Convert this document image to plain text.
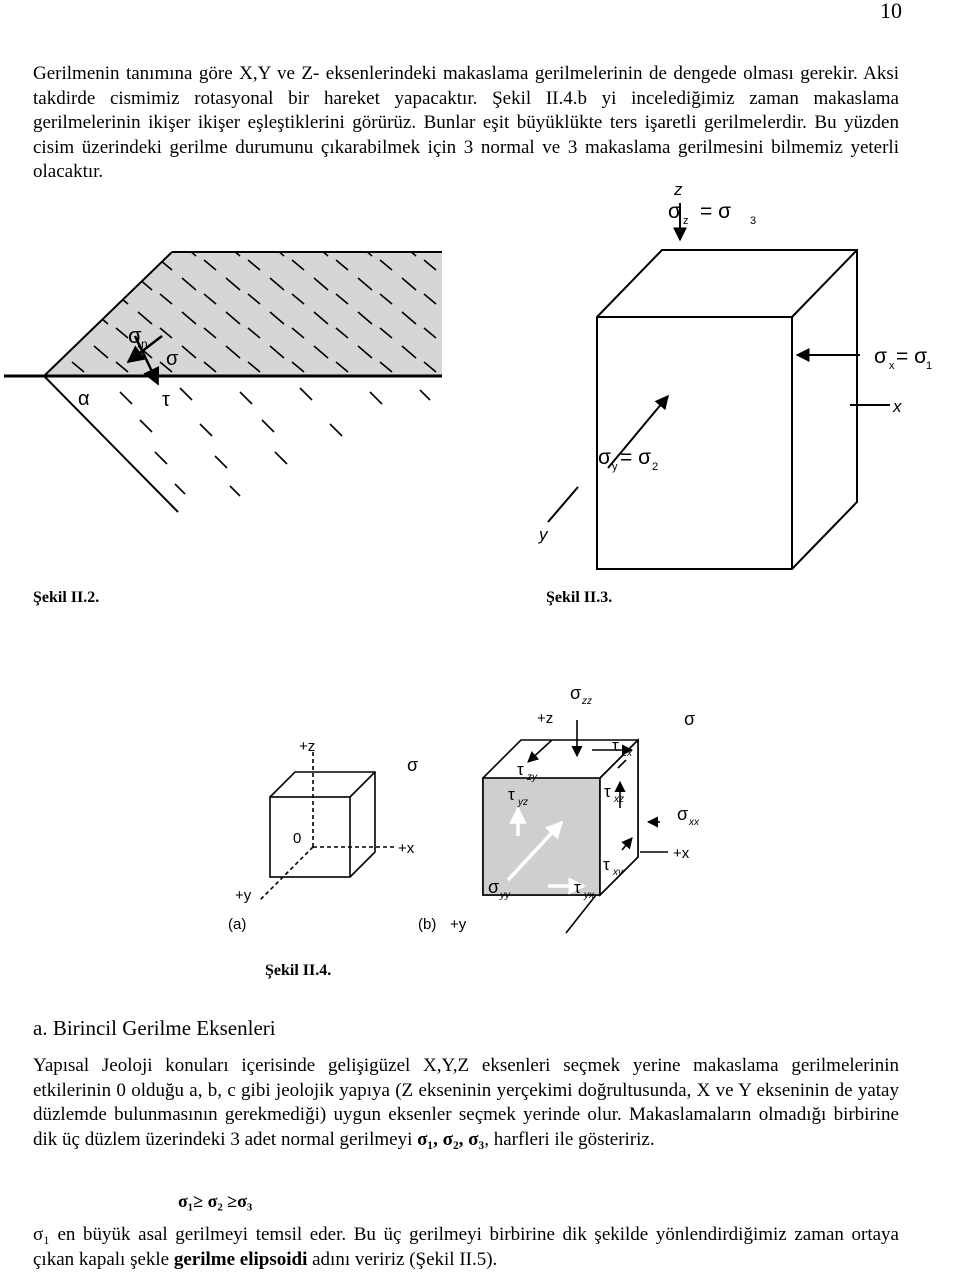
10

Gerilmenin tanımına göre X,Y ve Z- eksenlerindeki makaslama gerilmelerinin de dengede olması gerekir. Aksi takdirde cismimiz rotasyonal bir hareket yapacaktır. Şekil II.4.b yi incelediğimiz zaman makaslama gerilmelerinin ikişer ikişer eşleştiklerini görürüz. Bunlar eşit büyüklükte ters işaretli gerilmelerdir. Bu yüzden cisim üzerindeki gerilme durumunu çıkarabilmek için 3 normal ve 3 makaslama gerilmesini bilmemiz yeterli olacaktır.

σ n
σ
α	τ
z
σ z = σ 3
σ x = σ
1
x
σ y = σ 2
y
+z
σ
0
+x
+y
(a)
σ zz
+z	σ
τ zx
τ zy
τ yz
τ xz
σ xx
+x
τ xy
σ yy	τ yx
(b) +y
Şekil II.2.	Şekil II.3.
Şekil II.4.
a. Birincil Gerilme Eksenleri

Yapısal Jeoloji konuları içerisinde gelişigüzel X,Y,Z eksenleri seçmek yerine makaslama gerilmelerinin etkilerinin 0 olduğu a, b, c gibi jeolojik yapıya (Z ekseninin yerçekimi doğrultusunda, X ve Y ekseninin de yatay düzlemde bulunmasının gerekmediği) uygun eksenler seçmek yerinde olur. Makaslamaların olmadığı birbirine dik üç düzlem üzerindeki 3 adet normal gerilmeyi σ₁, σ₂, σ₃, harfleri ile gösteririz.

σ₁≥ σ₂ ≥σ₃

σ₁ en büyük asal gerilmeyi temsil eder. Bu üç gerilmeyi birbirine dik şekilde yönlendirdiğimiz zaman ortaya çıkan kapalı şekle gerilme elipsoidi adını veririz (Şekil II.5).
